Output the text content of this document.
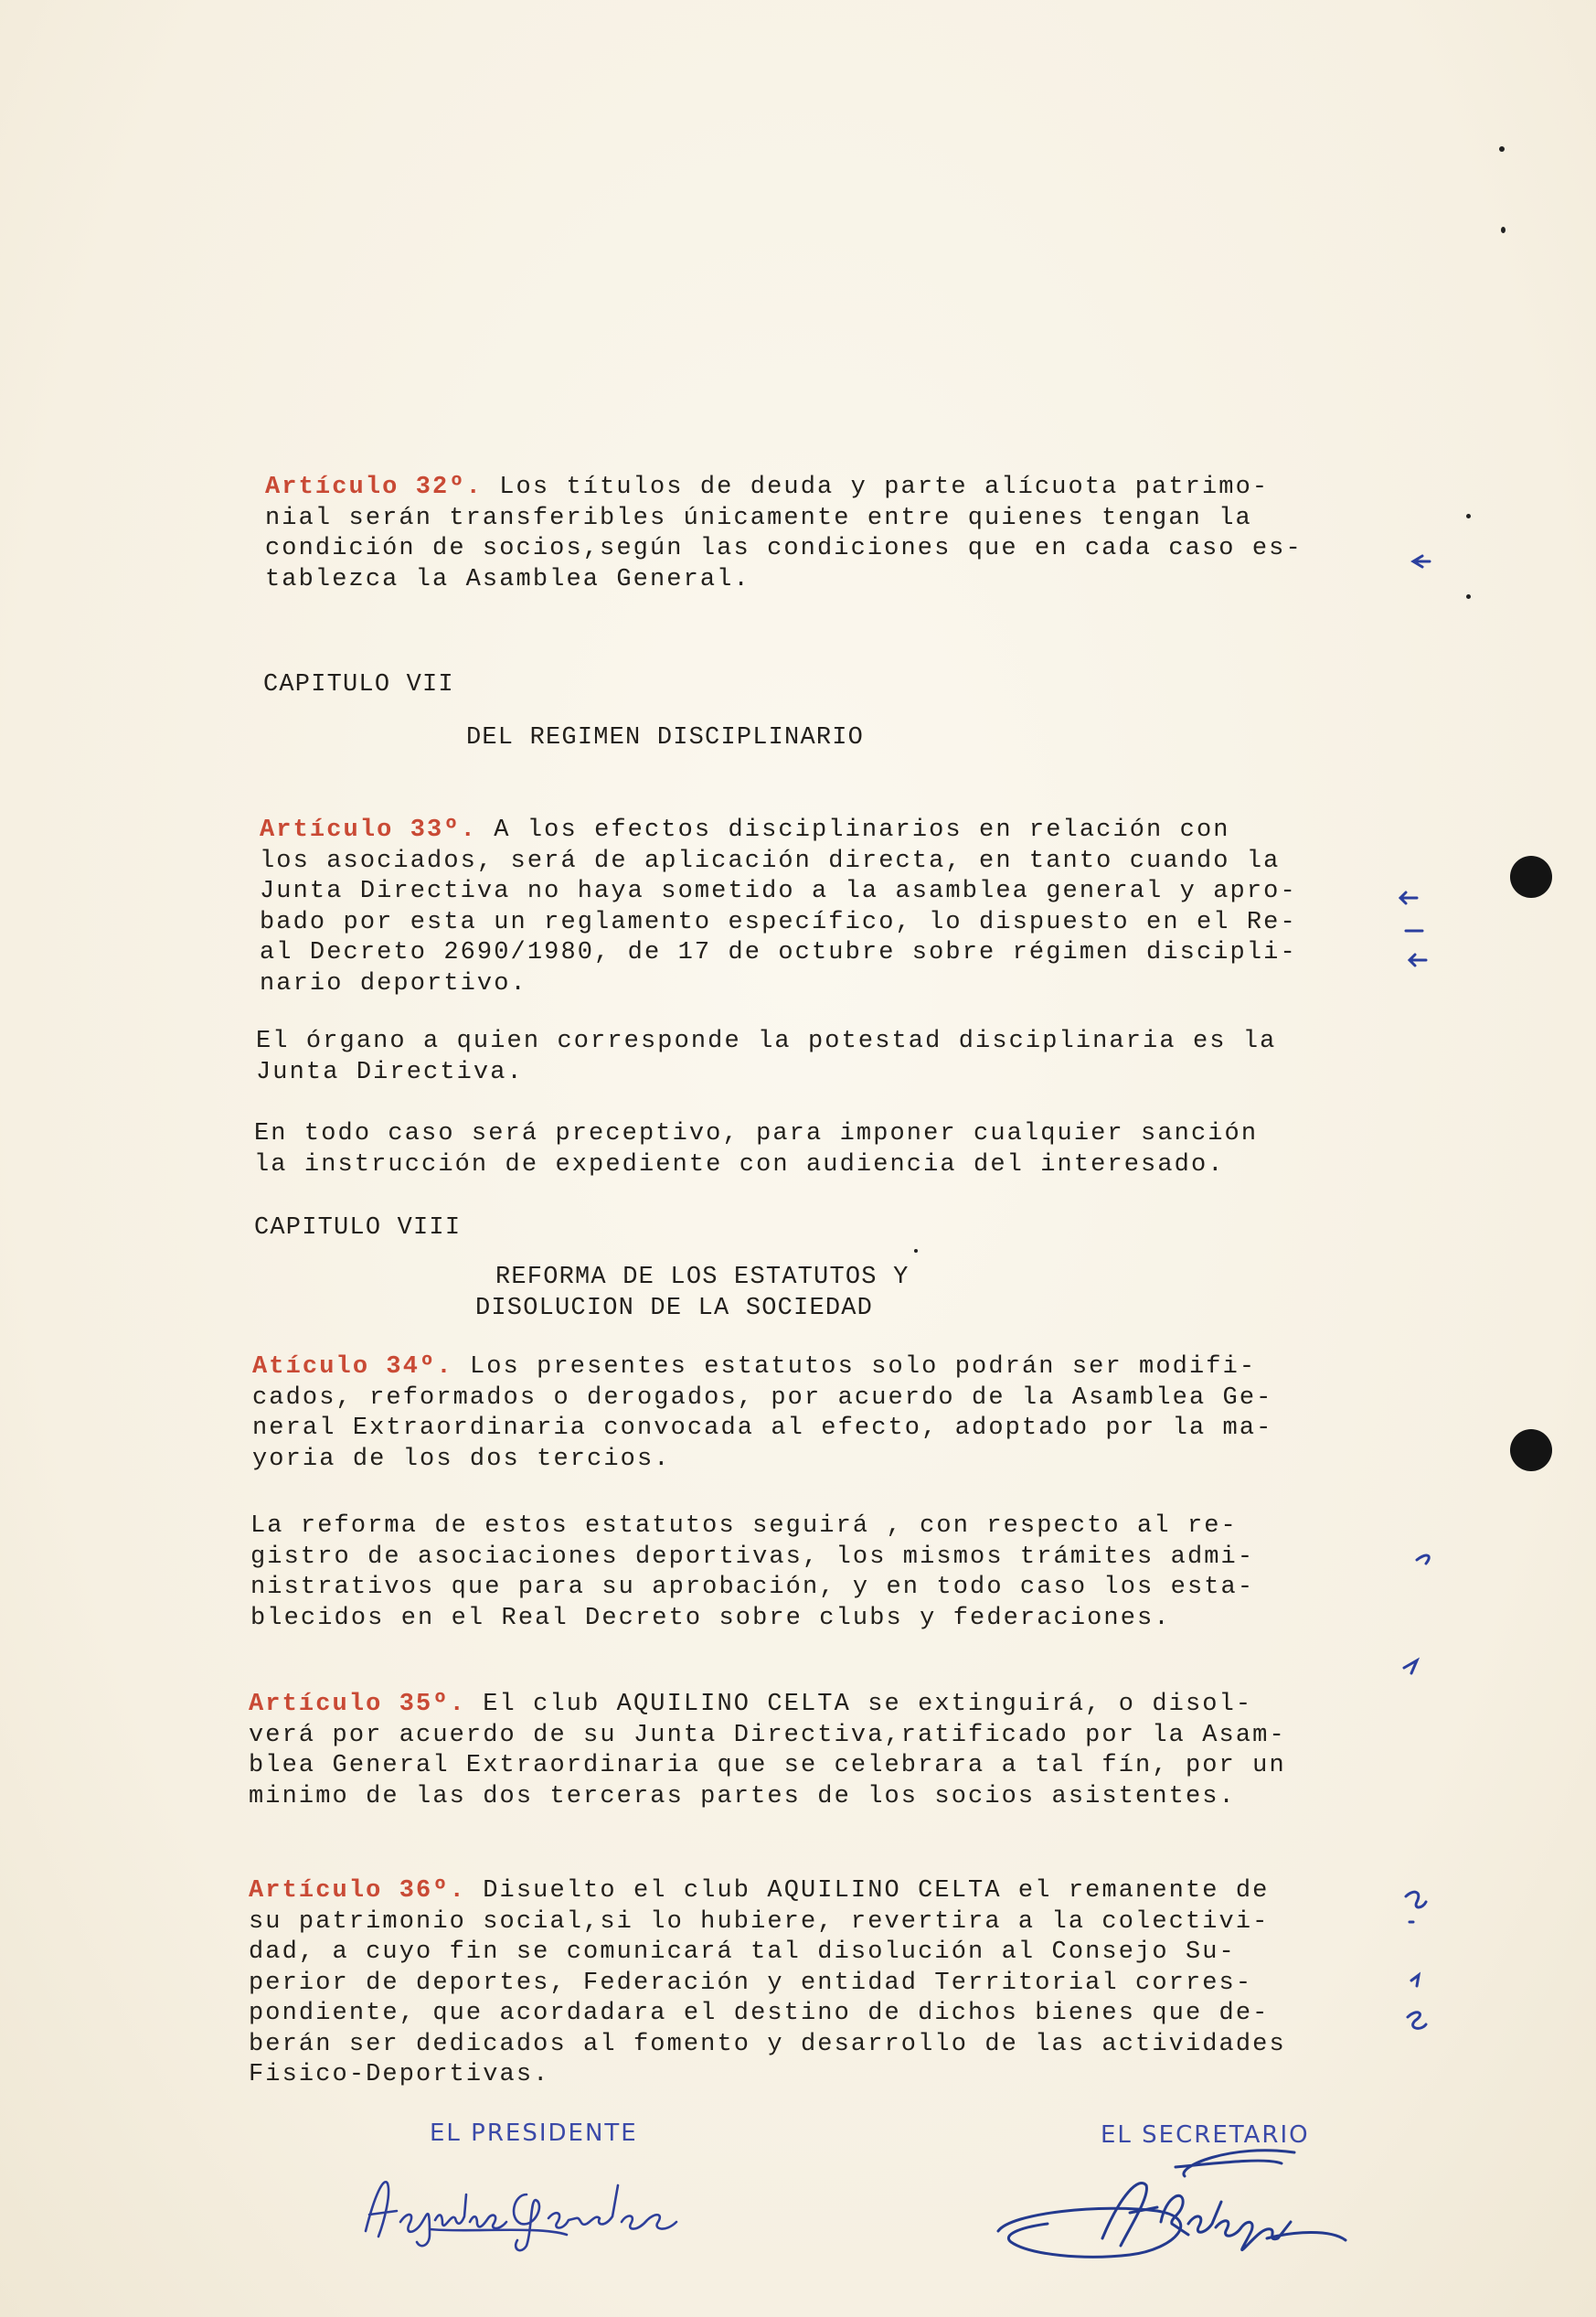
Artículo 32º. Los títulos de deuda y parte alícuota patrimo-
nial serán transferibles únicamente entre quienes tengan la
condición de socios,según las condiciones que en cada caso es-
tablezca la Asamblea General.

CAPITULO VII

DEL REGIMEN DISCIPLINARIO

Artículo 33º. A los efectos disciplinarios en relación con
los asociados, será de aplicación directa, en tanto cuando la
Junta Directiva no haya sometido a la asamblea general y apro-
bado por esta un reglamento específico, lo dispuesto en el Re-
al Decreto 2690/1980, de 17 de octubre sobre régimen discipli-
nario deportivo.

El órgano a quien corresponde la potestad disciplinaria es la
Junta Directiva.

En todo caso será preceptivo, para imponer cualquier sanción
la instrucción de expediente con audiencia del interesado.

CAPITULO VIII

REFORMA DE LOS ESTATUTOS Y

DISOLUCION DE LA SOCIEDAD

Atículo 34º. Los presentes estatutos solo podrán ser modifi-
cados, reformados o derogados, por acuerdo de la Asamblea Ge-
neral Extraordinaria convocada al efecto, adoptado por la ma-
yoria de los dos tercios.

La reforma de estos estatutos seguirá , con respecto al re-
gistro de asociaciones deportivas, los mismos trámites admi-
nistrativos que para su aprobación, y en todo caso los esta-
blecidos en el Real Decreto sobre clubs y federaciones.

Artículo 35º. El club AQUILINO CELTA se extinguirá, o disol-
verá por acuerdo de su Junta Directiva,ratificado por la Asam-
blea General Extraordinaria que se celebrara a tal fín, por un
minimo de las dos terceras partes de los socios asistentes.

Artículo 36º. Disuelto el club AQUILINO CELTA el remanente de
su patrimonio social,si lo hubiere, revertira a la colectivi-
dad, a cuyo fin se comunicará tal disolución al Consejo Su-
perior de deportes, Federación y entidad Territorial corres-
pondiente, que acordadara el destino de dichos bienes que de-
berán ser dedicados al fomento y desarrollo de las actividades
Fisico-Deportivas.

EL PRESIDENTE	EL SECRETARIO
